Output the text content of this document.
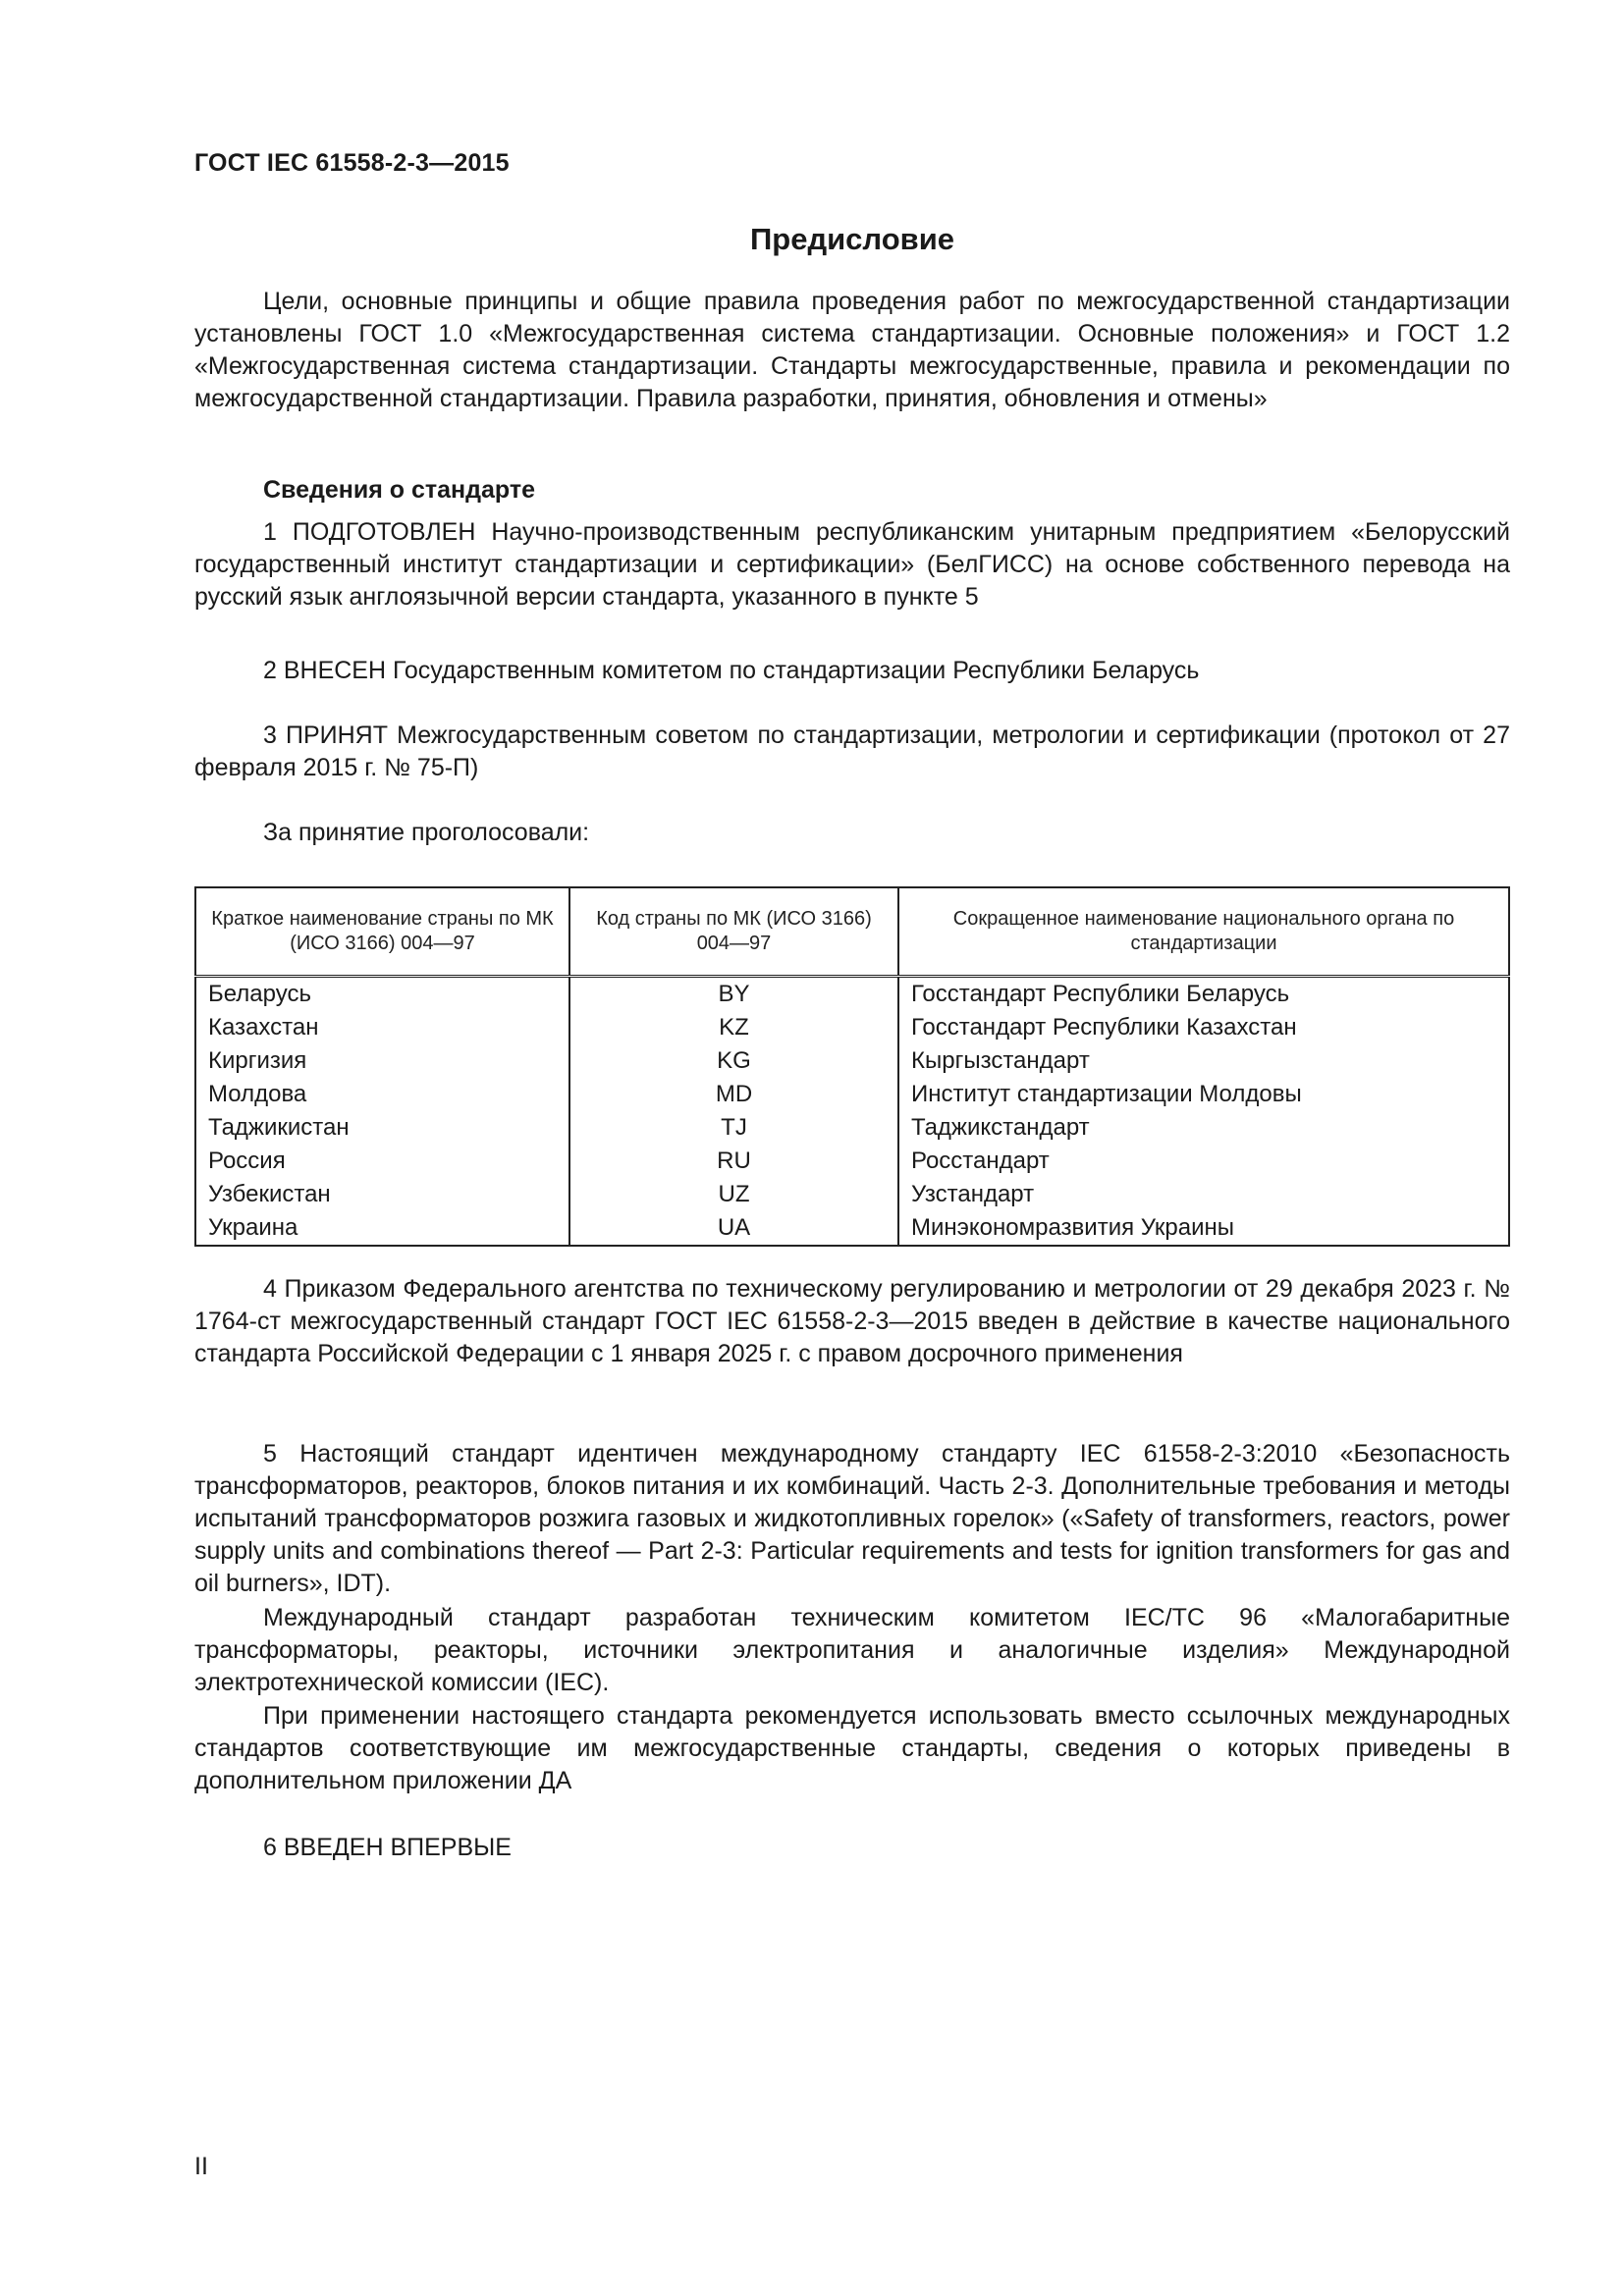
ГОСТ IEC 61558-2-3—2015
Предисловие
Цели, основные принципы и общие правила проведения работ по межгосударственной стандартизации установлены ГОСТ 1.0 «Межгосударственная система стандартизации. Основные положения» и ГОСТ 1.2 «Межгосударственная система стандартизации. Стандарты межгосударственные, правила и рекомендации по межгосударственной стандартизации. Правила разработки, принятия, обновления и отмены»
Сведения о стандарте
1 ПОДГОТОВЛЕН Научно-производственным республиканским унитарным предприятием «Белорусский государственный институт стандартизации и сертификации» (БелГИСС) на основе собственного перевода на русский язык англоязычной версии стандарта, указанного в пункте 5
2 ВНЕСЕН Государственным комитетом по стандартизации Республики Беларусь
3 ПРИНЯТ Межгосударственным советом по стандартизации, метрологии и сертификации (протокол от 27 февраля 2015 г. № 75-П)
За принятие проголосовали:
Краткое наименование страны по МК (ИСО 3166) 004—97	Код страны по МК (ИСО 3166) 004—97	Сокращенное наименование национального органа по стандартизации
Беларусь	BY	Госстандарт Республики Беларусь
Казахстан	KZ	Госстандарт Республики Казахстан
Киргизия	KG	Кыргызстандарт
Молдова	MD	Институт стандартизации Молдовы
Таджикистан	TJ	Таджикстандарт
Россия	RU	Росстандарт
Узбекистан	UZ	Узстандарт
Украина	UA	Минэкономразвития Украины
4 Приказом Федерального агентства по техническому регулированию и метрологии от 29 декабря 2023 г. № 1764-ст межгосударственный стандарт ГОСТ IEC 61558-2-3—2015 введен в действие в качестве национального стандарта Российской Федерации с 1 января 2025 г. с правом досрочного применения
5 Настоящий стандарт идентичен международному стандарту IEC 61558-2-3:2010 «Безопасность трансформаторов, реакторов, блоков питания и их комбинаций. Часть 2-3. Дополнительные требования и методы испытаний трансформаторов розжига газовых и жидкотопливных горелок» («Safety of transformers, reactors, power supply units and combinations thereof — Part 2-3: Particular requirements and tests for ignition transformers for gas and oil burners», IDT).
Международный стандарт разработан техническим комитетом IEC/TC 96 «Малогабаритные трансформаторы, реакторы, источники электропитания и аналогичные изделия» Международной электротехнической комиссии (IEC).
При применении настоящего стандарта рекомендуется использовать вместо ссылочных международных стандартов соответствующие им межгосударственные стандарты, сведения о которых приведены в дополнительном приложении ДА
6 ВВЕДЕН ВПЕРВЫЕ
II
